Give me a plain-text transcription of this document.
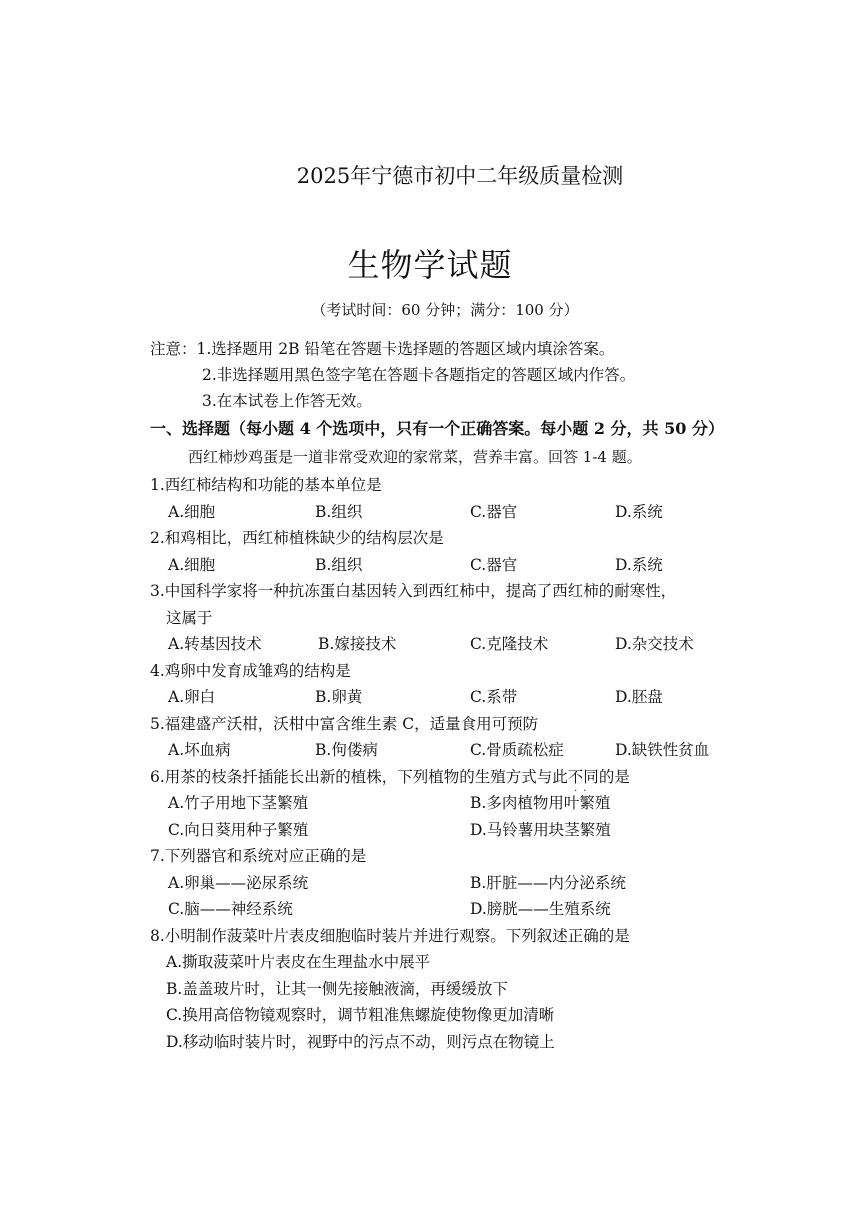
2025年宁德市初中二年级质量检测
生物学试题
（考试时间：60 分钟；满分：100 分）
注意：1.选择题用 2B 铅笔在答题卡选择题的答题区域内填涂答案。
2.非选择题用黑色签字笔在答题卡各题指定的答题区域内作答。
3.在本试卷上作答无效。
一、选择题（每小题 4 个选项中，只有一个正确答案。每小题 2 分，共 50 分）
西红柿炒鸡蛋是一道非常受欢迎的家常菜，营养丰富。回答 1-4 题。
1.西红柿结构和功能的基本单位是
A.细胞	B.组织	C.器官	D.系统
2.和鸡相比，西红柿植株缺少的结构层次是
A.细胞	B.组织	C.器官	D.系统
3.中国科学家将一种抗冻蛋白基因转入到西红柿中，提高了西红柿的耐寒性，
这属于
A.转基因技术	B.嫁接技术	C.克隆技术	D.杂交技术
4.鸡卵中发育成雏鸡的结构是
A.卵白	B.卵黄	C.系带	D.胚盘
5.福建盛产沃柑，沃柑中富含维生素 C，适量食用可预防
A.坏血病	B.佝偻病	C.骨质疏松症	D.缺铁性贫血
6.用茶的枝条扦插能长出新的植株，下列植物的生殖方式与此不同
··
的是
A.竹子用地下茎繁殖	B.多肉植物用叶繁殖
C.向日葵用种子繁殖	D.马铃薯用块茎繁殖
7.下列器官和系统对应正确的是
A.卵巢——泌尿系统	B.肝脏——内分泌系统
C.脑——神经系统	D.膀胱——生殖系统
8.小明制作菠菜叶片表皮细胞临时装片并进行观察。下列叙述正确的是
A.撕取菠菜叶片表皮在生理盐水中展平
B.盖盖玻片时，让其一侧先接触液滴，再缓缓放下
C.换用高倍物镜观察时，调节粗准焦螺旋使物像更加清晰
D.移动临时装片时，视野中的污点不动，则污点在物镜上
